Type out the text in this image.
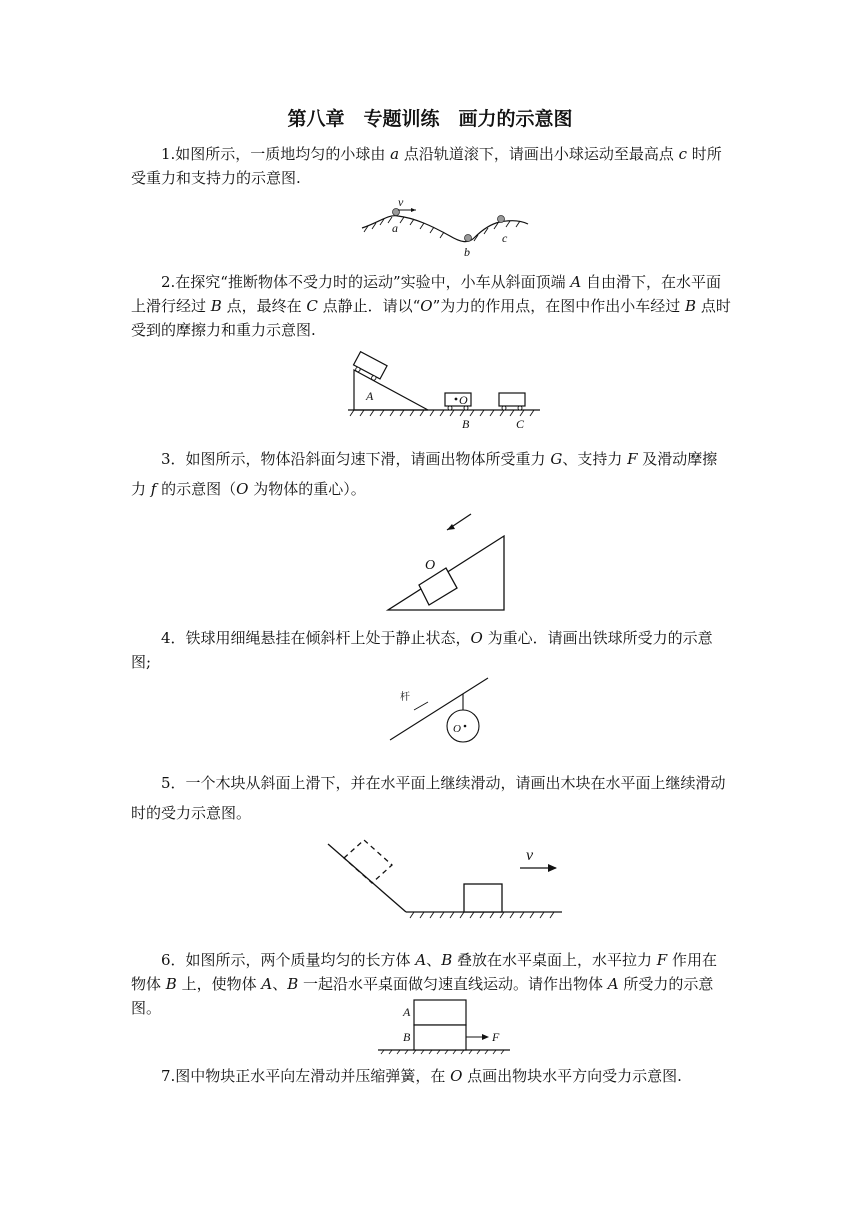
第八章　专题训练　画力的示意图

1.如图所示，一质地均匀的小球由 a 点沿轨道滚下，请画出小球运动至最高点 c 时所受重力和支持力的示意图.

v
a
b
c

2.在探究“推断物体不受力时的运动”实验中，小车从斜面顶端 A 自由滑下，在水平面上滑行经过 B 点，最终在 C 点静止．请以“O”为力的作用点，在图中作出小车经过 B 点时受到的摩擦力和重力示意图.

A	O
B	C

3．如图所示，物体沿斜面匀速下滑，请画出物体所受重力 G、支持力 F 及滑动摩擦力 f 的示意图（O 为物体的重心）。

O

4．铁球用细绳悬挂在倾斜杆上处于静止状态，O 为重心．请画出铁球所受力的示意图;

杆
O

5．一个木块从斜面上滑下，并在水平面上继续滑动，请画出木块在水平面上继续滑动时的受力示意图。

v

6．如图所示，两个质量均匀的长方体 A、B 叠放在水平桌面上，水平拉力 F 作用在物体 B 上，使物体 A、B 一起沿水平桌面做匀速直线运动。请作出物体 A 所受力的示意图。	A
B	F

7.图中物块正水平向左滑动并压缩弹簧，在 O 点画出物块水平方向受力示意图.
